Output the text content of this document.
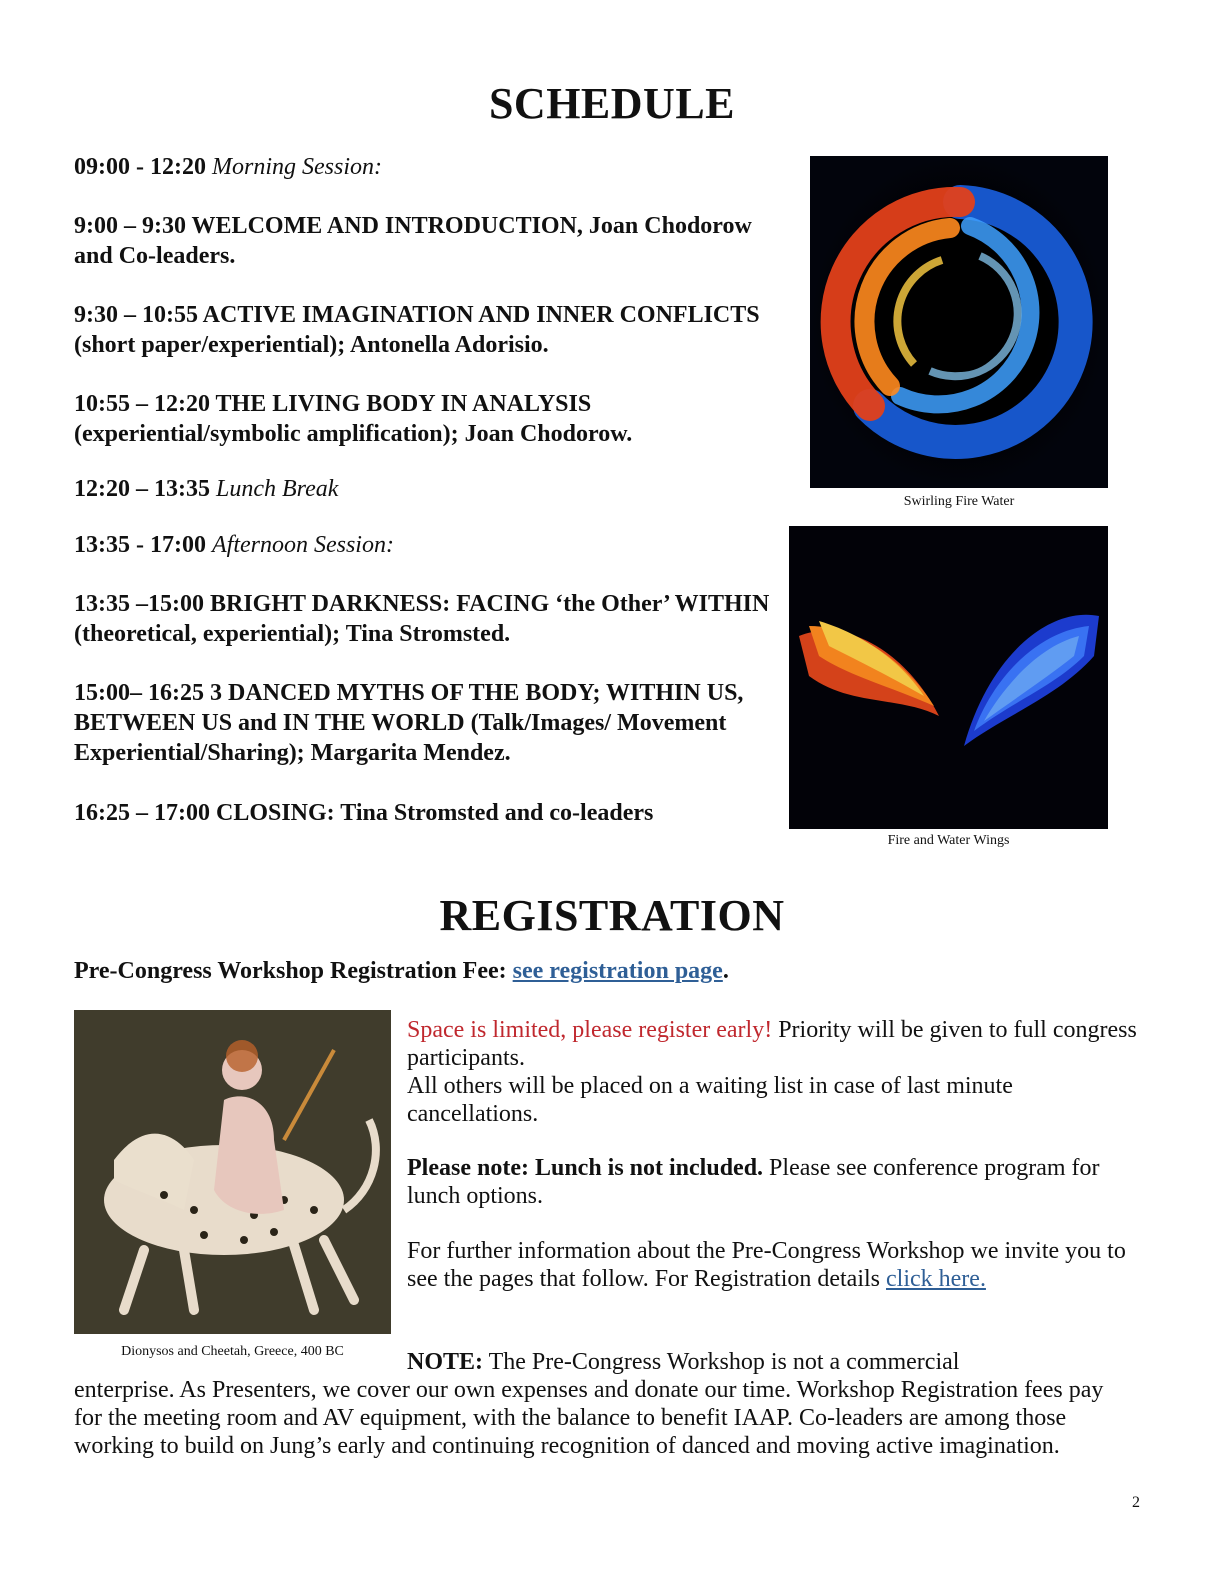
SCHEDULE
09:00 - 12:20 Morning Session:
9:00 – 9:30 WELCOME AND INTRODUCTION, Joan Chodorow and Co-leaders.
9:30 – 10:55 ACTIVE IMAGINATION AND INNER CONFLICTS (short paper/experiential); Antonella Adorisio.
10:55 – 12:20 THE LIVING BODY IN ANALYSIS (experiential/symbolic amplification); Joan Chodorow.
12:20 – 13:35 Lunch Break
13:35 - 17:00 Afternoon Session:
13:35 –15:00 BRIGHT DARKNESS: FACING ‘the Other’ WITHIN (theoretical, experiential); Tina Stromsted.
15:00– 16:25 3 DANCED MYTHS OF THE BODY; WITHIN US, BETWEEN US and IN THE WORLD (Talk/Images/ Movement Experiential/Sharing); Margarita Mendez.
16:25 – 17:00 CLOSING: Tina Stromsted and co-leaders
Swirling Fire Water
Fire and Water Wings
REGISTRATION
Pre-Congress Workshop Registration Fee: see registration page.
Dionysos and Cheetah, Greece, 400 BC
Space is limited, please register early! Priority will be given to full congress participants.
All others will be placed on a waiting list in case of last minute cancellations.
Please note: Lunch is not included. Please see conference program for lunch options.
For further information about the Pre-Congress Workshop we invite you to see the pages that follow. For Registration details click here.
NOTE: The Pre-Congress Workshop is not a commercial
enterprise. As Presenters, we cover our own expenses and donate our time. Workshop Registration fees pay for the meeting room and AV equipment, with the balance to benefit IAAP. Co-leaders are among those working to build on Jung’s early and continuing recognition of danced and moving active imagination.
2
